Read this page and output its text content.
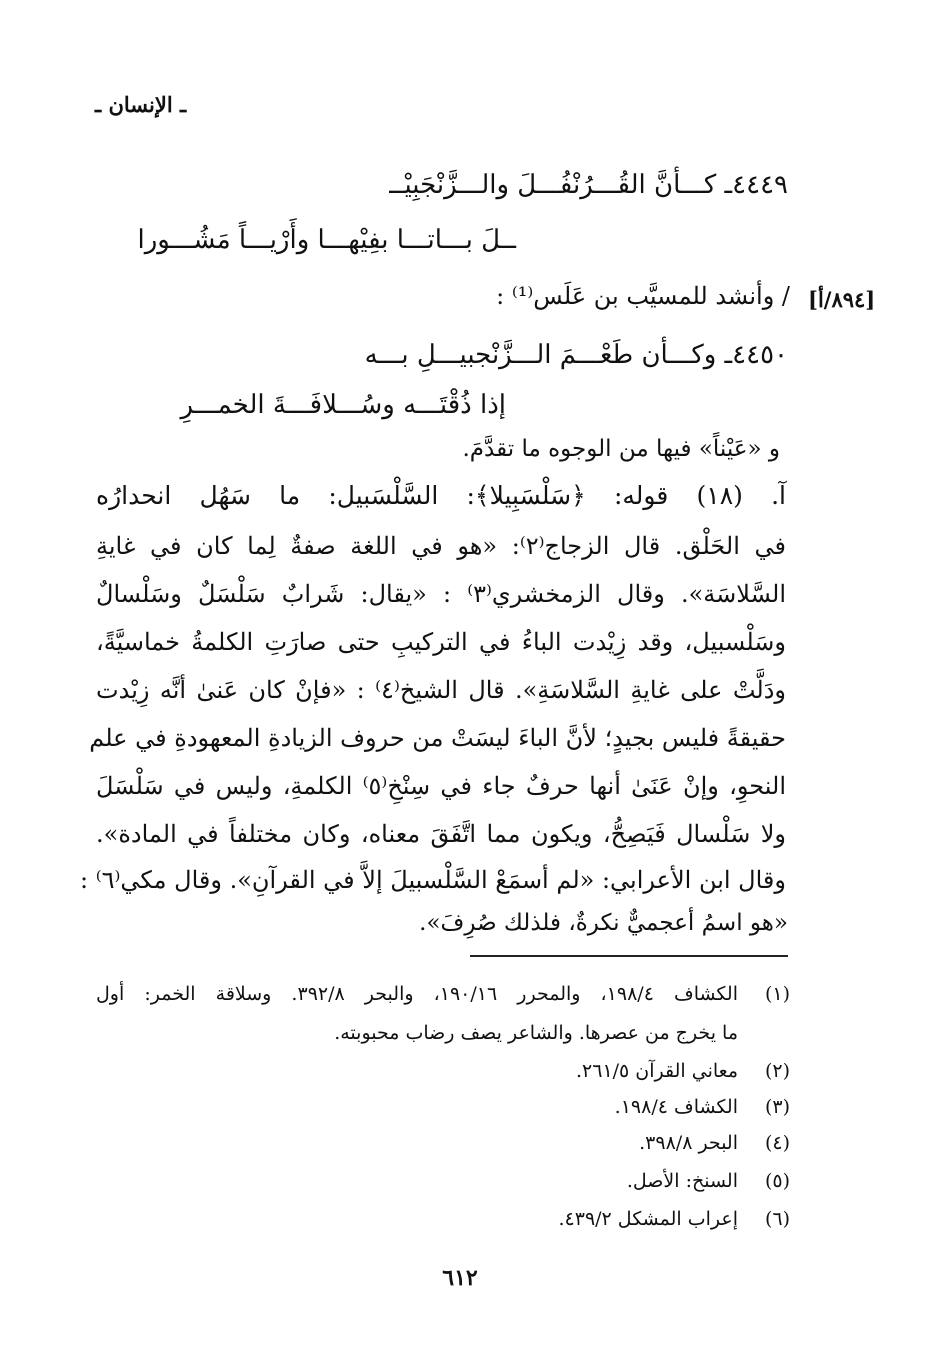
ـ الإنسان ـ
٤٤٤٩ـ كـــأنَّ القُـــرُنْفُـــلَ والـــزَّنْجَبِيْــ
ــلَ بـــاتـــا بفِيْهـــا وأَرْيـــاً مَشُـــورا
[٨٩٤/أ]
/ وأنشد للمسيَّب بن عَلَس⁽¹⁾ :
٤٤٥٠ـ وكـــأن طَعْـــمَ الـــزَّنْجبيـــلِ بـــه
إذا ذُقْتَـــه وسُـــلافَـــةَ الخمـــرِ
و «عَيْناً» فيها من الوجوه ما تقدَّمَ.
آ. (١٨) قوله: ﴿سَلْسَبِيلا﴾: السَّلْسَبيل: ما سَهُل انحدارُه
في الحَلْق. قال الزجاج⁽٢⁾: «هو في اللغة صفةٌ لِما كان في غايةِ
السَّلاسَة». وقال الزمخشري⁽٣⁾ : «يقال: شَرابٌ سَلْسَلٌ وسَلْسالٌ
وسَلْسبيل، وقد زِيْدت الباءُ في التركيبِ حتى صارَتِ الكلمةُ خماسيَّةً،
ودَلَّتْ على غايةِ السَّلاسَةِ». قال الشيخ⁽٤⁾ : «فإنْ كان عَنىٰ أنَّه زِيْدت
حقيقةً فليس بجيدٍ؛ لأنَّ الباءَ ليسَتْ من حروف الزيادةِ المعهودةِ في علم
النحوِ، وإنْ عَنَىٰ أنها حرفٌ جاء في سِنْخِ⁽٥⁾ الكلمةِ، وليس في سَلْسَلَ
ولا سَلْسال فَيَصِحُّ، ويكون مما اتَّفَقَ معناه، وكان مختلفاً في المادة».
وقال ابن الأعرابي: «لم أسمَعْ السَّلْسبيلَ إلاَّ في القرآنِ». وقال مكي⁽٦⁾ :
«هو اسمُ أعجميٌّ نكرةٌ، فلذلك صُرِفَ».
(١)
الكشاف ١٩٨/٤، والمحرر ١٩٠/١٦، والبحر ٣٩٢/٨. وسلاقة الخمر: أول
ما يخرج من عصرها. والشاعر يصف رضاب محبوبته.
(٢)
معاني القرآن ٢٦١/٥.
(٣)
الكشاف ١٩٨/٤.
(٤)
البحر ٣٩٨/٨.
(٥)
السنخ: الأصل.
(٦)
إعراب المشكل ٤٣٩/٢.
٦١٢
